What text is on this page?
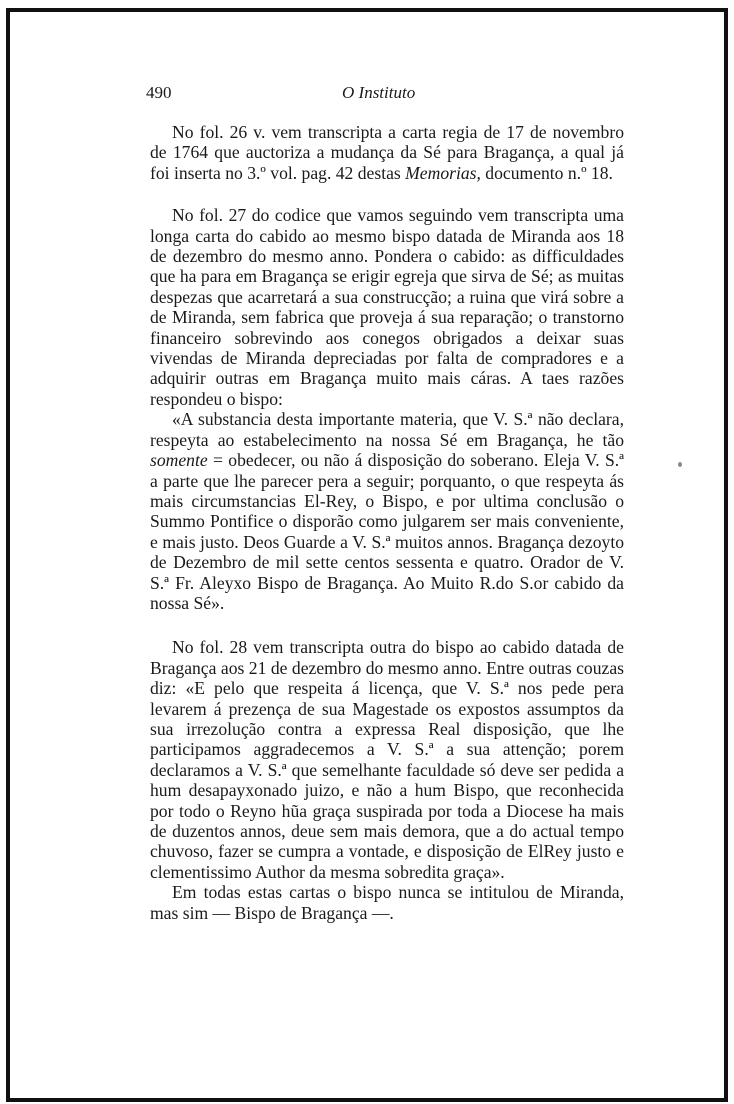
490	O Instituto

No fol. 26 v. vem transcripta a carta regia de 17 de novembro de 1764 que auctoriza a mudança da Sé para Bragança, a qual já foi inserta no 3.º vol. pag. 42 destas Memorias, documento n.º 18.

No fol. 27 do codice que vamos seguindo vem transcripta uma longa carta do cabido ao mesmo bispo datada de Miranda aos 18 de dezembro do mesmo anno. Pondera o cabido: as difficuldades que ha para em Bragança se erigir egreja que sirva de Sé; as muitas despezas que acarretará a sua construcção; a ruina que virá sobre a de Miranda, sem fabrica que proveja á sua reparação; o transtorno financeiro sobrevindo aos conegos obrigados a deixar suas vivendas de Miranda depreciadas por falta de compradores e a adquirir outras em Bragança muito mais cáras. A taes razões respondeu o bispo:

«A substancia desta importante materia, que V. S.ª não declara, respeyta ao estabelecimento na nossa Sé em Bragança, he tão somente = obedecer, ou não á disposição do soberano. Eleja V. S.ª a parte que lhe parecer pera a seguir; porquanto, o que respeyta ás mais circumstancias El-Rey, o Bispo, e por ultima conclusão o Summo Pontifice o disporão como julgarem ser mais conveniente, e mais justo. Deos Guarde a V. S.ª muitos annos. Bragança dezoyto de Dezembro de mil sette centos sessenta e quatro. Orador de V. S.ª Fr. Aleyxo Bispo de Bragança. Ao Muito R.do S.or cabido da nossa Sé».

No fol. 28 vem transcripta outra do bispo ao cabido datada de Bragança aos 21 de dezembro do mesmo anno. Entre outras couzas diz: «E pelo que respeita á licença, que V. S.ª nos pede pera levarem á prezença de sua Magestade os expostos assumptos da sua irrezolução contra a expressa Real disposição, que lhe participamos aggradecemos a V. S.ª a sua attenção; porem declaramos a V. S.ª que semelhante faculdade só deve ser pedida a hum desapayxonado juizo, e não a hum Bispo, que reconhecida por todo o Reyno hũa graça suspirada por toda a Diocese ha mais de duzentos annos, deue sem mais demora, que a do actual tempo chuvoso, fazer se cumpra a vontade, e disposição de ElRey justo e clementissimo Author da mesma sobredita graça».

Em todas estas cartas o bispo nunca se intitulou de Miranda, mas sim — Bispo de Bragança —.
